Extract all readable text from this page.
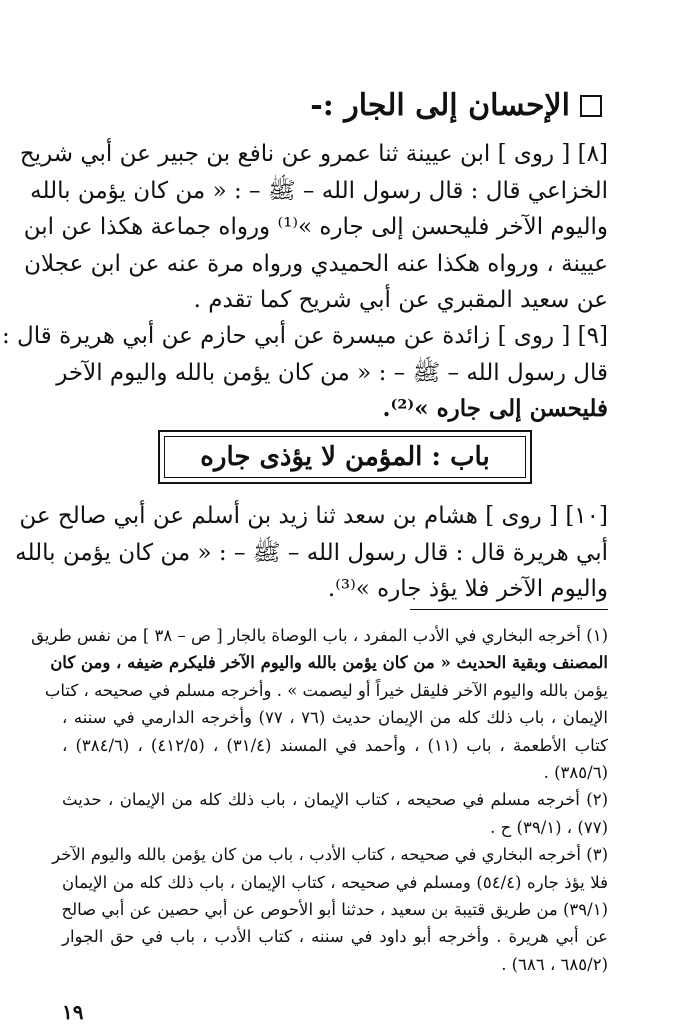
الإحسان إلى الجار :-
[٨] [ روى ] ابن عيينة ثنا عمرو عن نافع بن جبير عن أبي شريح
الخزاعي قال : قال رسول الله – ﷺ – : « من كان يؤمن بالله
واليوم الآخر فليحسن إلى جاره »⁽¹⁾ ورواه جماعة هكذا عن ابن
عيينة ، ورواه هكذا عنه الحميدي ورواه مرة عنه عن ابن عجلان
عن سعيد المقبري عن أبي شريح كما تقدم .
[٩] [ روى ] زائدة عن ميسرة عن أبي حازم عن أبي هريرة قال :
قال رسول الله – ﷺ – : « من كان يؤمن بالله واليوم الآخر
فليحسن إلى جاره »⁽²⁾.
باب : المؤمن لا يؤذى جاره
[١٠] [ روى ] هشام بن سعد ثنا زيد بن أسلم عن أبي صالح عن
أبي هريرة قال : قال رسول الله – ﷺ – : « من كان يؤمن بالله
واليوم الآخر فلا يؤذ جاره »⁽³⁾.
(١) أخرجه البخاري في الأدب المفرد ، باب الوصاة بالجار [ ص – ٣٨ ] من نفس طريق
المصنف وبقية الحديث « من كان يؤمن بالله واليوم الآخر فليكرم ضيفه ، ومن كان
يؤمن بالله واليوم الآخر فليقل خيراً أو ليصمت » . وأخرجه مسلم في صحيحه ، كتاب
الإيمان ، باب ذلك كله من الإيمان حديث (٧٦ ، ٧٧) وأخرجه الدارمي في سننه ،
كتاب الأطعمة ، باب (١١) ، وأحمد في المسند (٣١/٤) ، (٤١٢/٥) ، (٣٨٤/٦) ،
(٣٨٥/٦) .
(٢) أخرجه مسلم في صحيحه ، كتاب الإيمان ، باب ذلك كله من الإيمان ، حديث
(٧٧) ، (٣٩/١) ح .
(٣) أخرجه البخاري في صحيحه ، كتاب الأدب ، باب من كان يؤمن بالله واليوم الآخر
فلا يؤذ جاره (٥٤/٤) ومسلم في صحيحه ، كتاب الإيمان ، باب ذلك كله من الإيمان
(٣٩/١) من طريق قتيبة بن سعيد ، حدثنا أبو الأحوص عن أبي حصين عن أبي صالح
عن أبي هريرة . وأخرجه أبو داود في سننه ، كتاب الأدب ، باب في حق الجوار
(٦٨٥/٢ ، ٦٨٦) .
١٩
